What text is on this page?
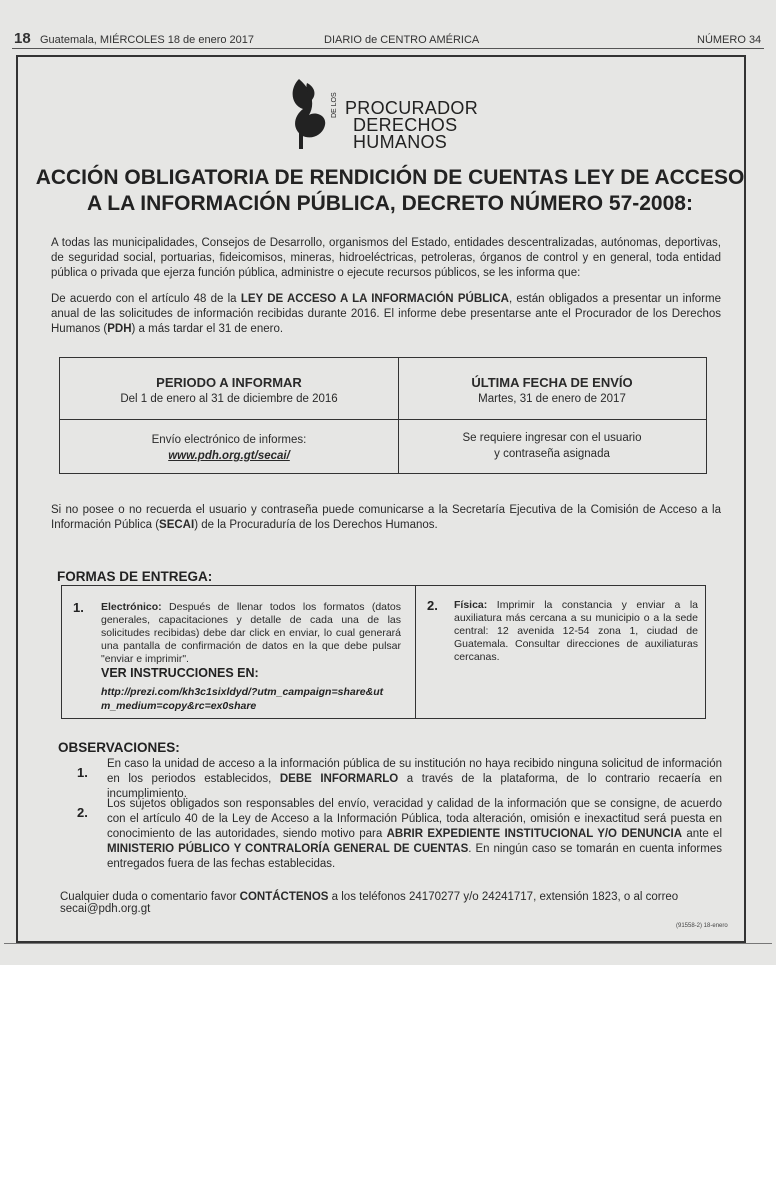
18 Guatemala, MIÉRCOLES 18 de enero 2017	DIARIO de CENTRO AMÉRICA	NÚMERO 34
DE LOS PROCURADOR
DERECHOS
HUMANOS
ACCIÓN OBLIGATORIA DE RENDICIÓN DE CUENTAS LEY DE ACCESO
A LA INFORMACIÓN PÚBLICA, DECRETO NÚMERO 57-2008:
A todas las municipalidades, Consejos de Desarrollo, organismos del Estado, entidades descentralizadas, autónomas, deportivas, de seguridad social, portuarias, fideicomisos, mineras, hidroeléctricas, petroleras, órganos de control y en general, toda entidad pública o privada que ejerza función pública, administre o ejecute recursos públicos, se les informa que:
De acuerdo con el artículo 48 de la LEY DE ACCESO A LA INFORMACIÓN PÚBLICA, están obligados a presentar un informe anual de las solicitudes de información recibidas durante 2016. El informe debe presentarse ante el Procurador de los Derechos Humanos (PDH) a más tardar el 31 de enero.
PERIODO A INFORMAR
Del 1 de enero al 31 de diciembre de 2016
ÚLTIMA FECHA DE ENVÍO
Martes, 31 de enero de 2017
Envío electrónico de informes:
www.pdh.org.gt/secai/
Se requiere ingresar con el usuario
y contraseña asignada
Si no posee o no recuerda el usuario y contraseña puede comunicarse a la Secretaría Ejecutiva de la Comisión de Acceso a la Información Pública (SECAI) de la Procuraduría de los Derechos Humanos.
FORMAS DE ENTREGA:
1. Electrónico: Después de llenar todos los formatos (datos generales, capacitaciones y detalle de cada una de las solicitudes recibidas) debe dar click en enviar, lo cual generará una pantalla de confirmación de datos en la que debe pulsar "enviar e imprimir".
VER INSTRUCCIONES EN:
http://prezi.com/kh3c1sixldyd/?utm_campaign=share&utm_medium=copy&rc=ex0share
2. Física: Imprimir la constancia y enviar a la auxiliatura más cercana a su municipio o a la sede central: 12 avenida 12-54 zona 1, ciudad de Guatemala. Consultar direcciones de auxiliaturas cercanas.
OBSERVACIONES:
1.
En caso la unidad de acceso a la información pública de su institución no haya recibido ninguna solicitud de información en los periodos establecidos, DEBE INFORMARLO a través de la plataforma, de lo contrario recaería en incumplimiento.
2.
Los sujetos obligados son responsables del envío, veracidad y calidad de la información que se consigne, de acuerdo con el artículo 40 de la Ley de Acceso a la Información Pública, toda alteración, omisión e inexactitud será puesta en conocimiento de las autoridades, siendo motivo para ABRIR EXPEDIENTE INSTITUCIONAL Y/O DENUNCIA ante el MINISTERIO PÚBLICO Y CONTRALORÍA GENERAL DE CUENTAS. En ningún caso se tomarán en cuenta informes entregados fuera de las fechas establecidas.
Cualquier duda o comentario favor CONTÁCTENOS a los teléfonos 24170277 y/o 24241717, extensión 1823, o al correo secai@pdh.org.gt
(91558-2) 18-enero
